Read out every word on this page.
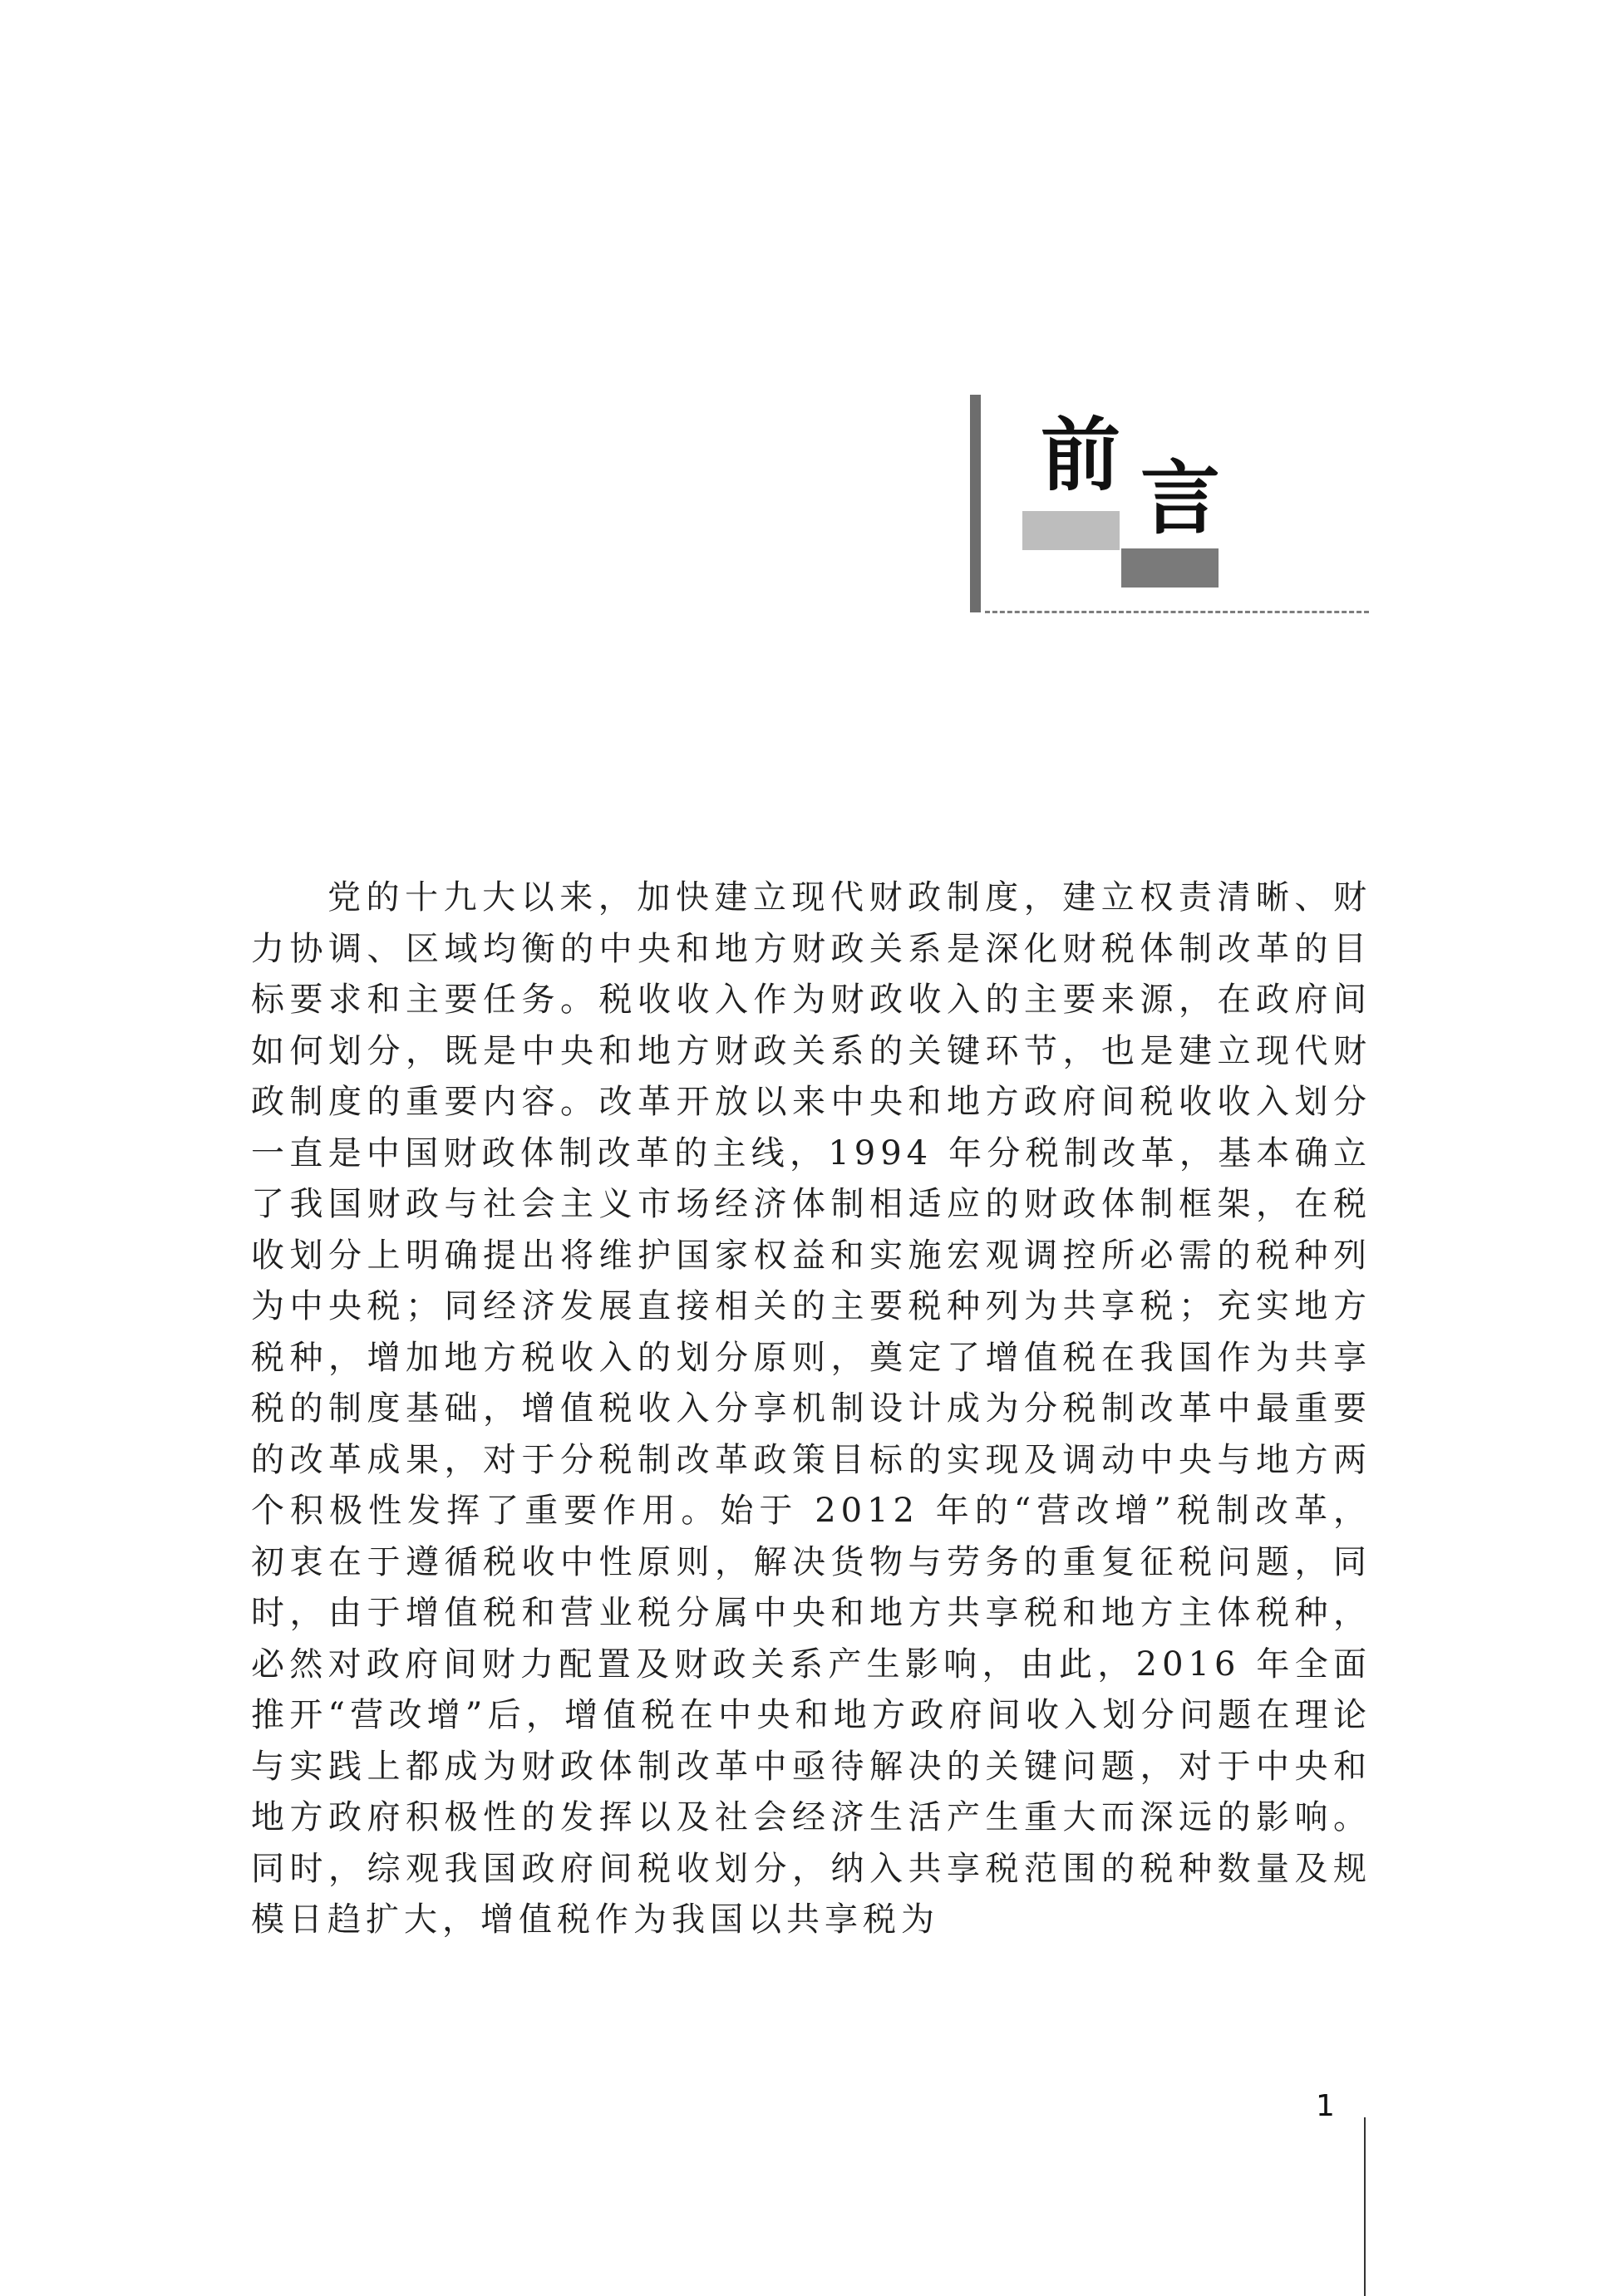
前 言

党的十九大以来，加快建立现代财政制度，建立权责清晰、财力协调、区域均衡的中央和地方财政关系是深化财税体制改革的目标要求和主要任务。税收收入作为财政收入的主要来源，在政府间如何划分，既是中央和地方财政关系的关键环节，也是建立现代财政制度的重要内容。改革开放以来中央和地方政府间税收收入划分一直是中国财政体制改革的主线，1994 年分税制改革，基本确立了我国财政与社会主义市场经济体制相适应的财政体制框架，在税收划分上明确提出将维护国家权益和实施宏观调控所必需的税种列为中央税；同经济发展直接相关的主要税种列为共享税；充实地方税种，增加地方税收入的划分原则，奠定了增值税在我国作为共享税的制度基础，增值税收入分享机制设计成为分税制改革中最重要的改革成果，对于分税制改革政策目标的实现及调动中央与地方两个积极性发挥了重要作用。始于 2012 年的“营改增”税制改革，初衷在于遵循税收中性原则，解决货物与劳务的重复征税问题，同时，由于增值税和营业税分属中央和地方共享税和地方主体税种，必然对政府间财力配置及财政关系产生影响，由此，2016 年全面推开“营改增”后，增值税在中央和地方政府间收入划分问题在理论与实践上都成为财政体制改革中亟待解决的关键问题，对于中央和地方政府积极性的发挥以及社会经济生活产生重大而深远的影响。同时，综观我国政府间税收划分，纳入共享税范围的税种数量及规模日趋扩大，增值税作为我国以共享税为

1
